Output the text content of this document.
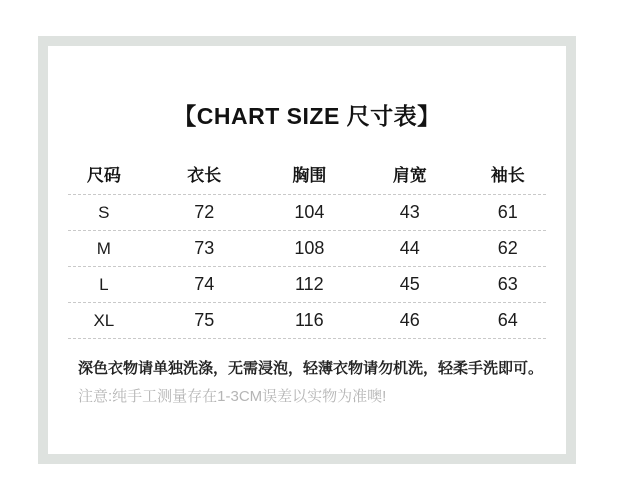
【CHART SIZE 尺寸表】
尺码	衣长	胸围	肩宽	袖长
S	72	104	43	61
M	73	108	44	62
L	74	112	45	63
XL	75	116	46	64
深色衣物请单独洗涤，无需浸泡，轻薄衣物请勿机洗，轻柔手洗即可。
注意:纯手工测量存在1-3CM误差以实物为准噢!
